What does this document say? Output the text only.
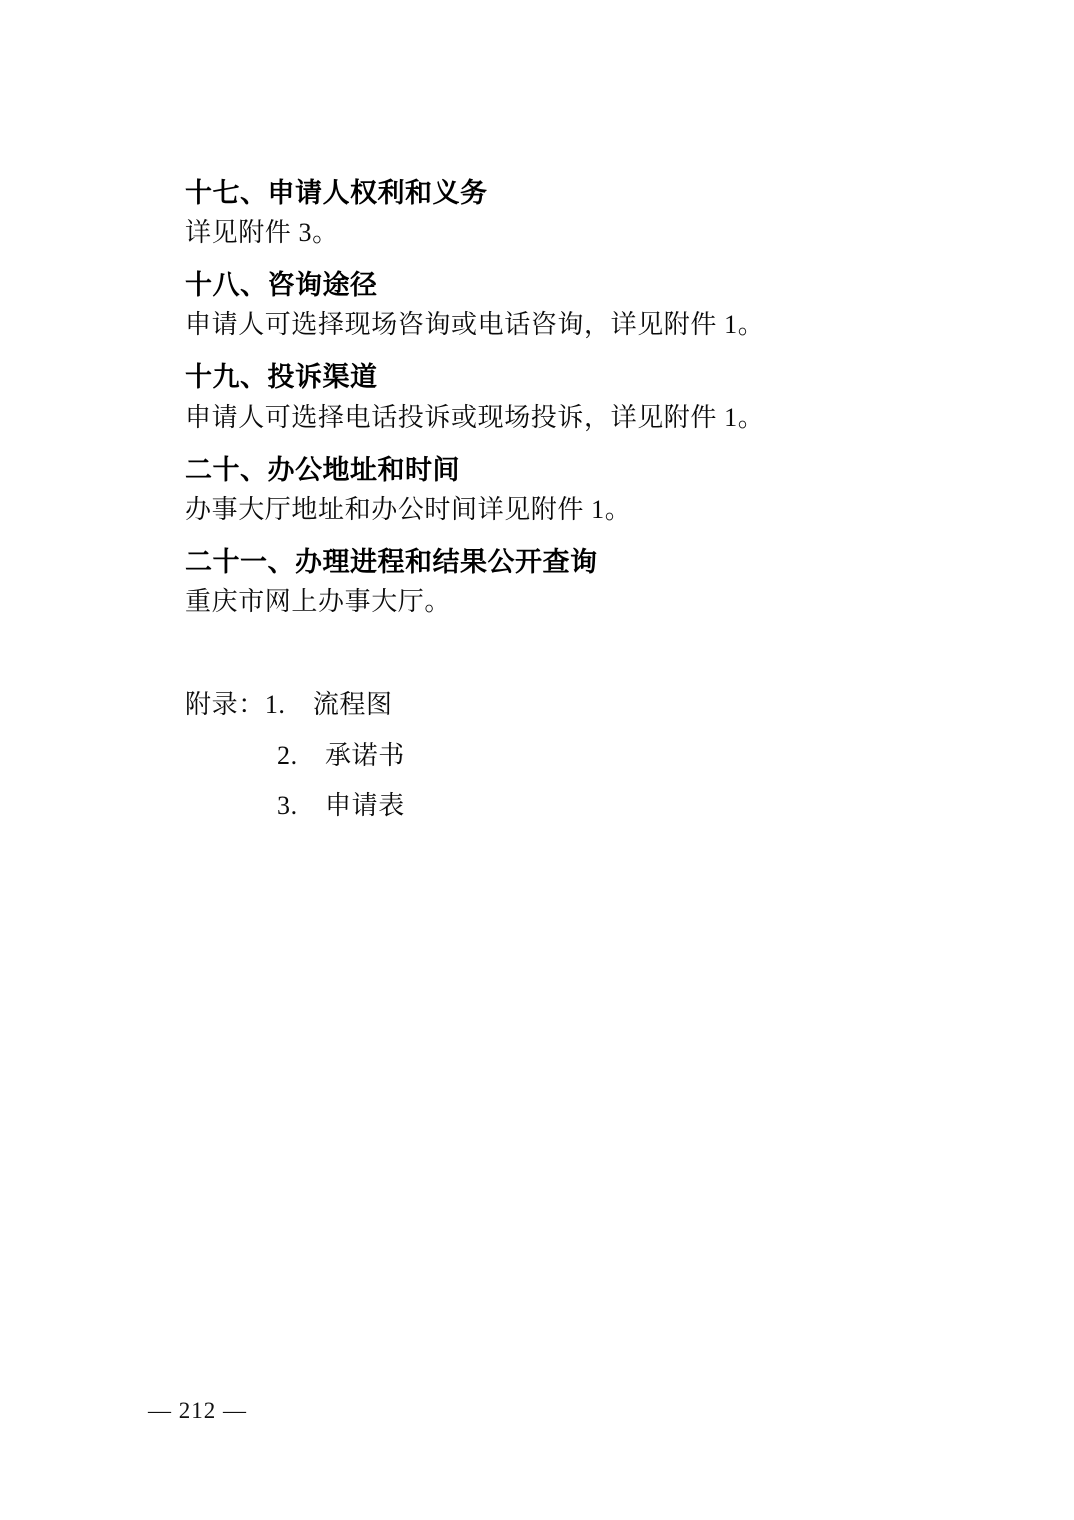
十七、申请人权利和义务

详见附件 3。

十八、咨询途径

申请人可选择现场咨询或电话咨询，详见附件 1。

十九、投诉渠道

申请人可选择电话投诉或现场投诉，详见附件 1。

二十、办公地址和时间

办事大厅地址和办公时间详见附件 1。

二十一、办理进程和结果公开查询

重庆市网上办事大厅。

附录：1. 流程图
2. 承诺书
3. 申请表
— 212 —
